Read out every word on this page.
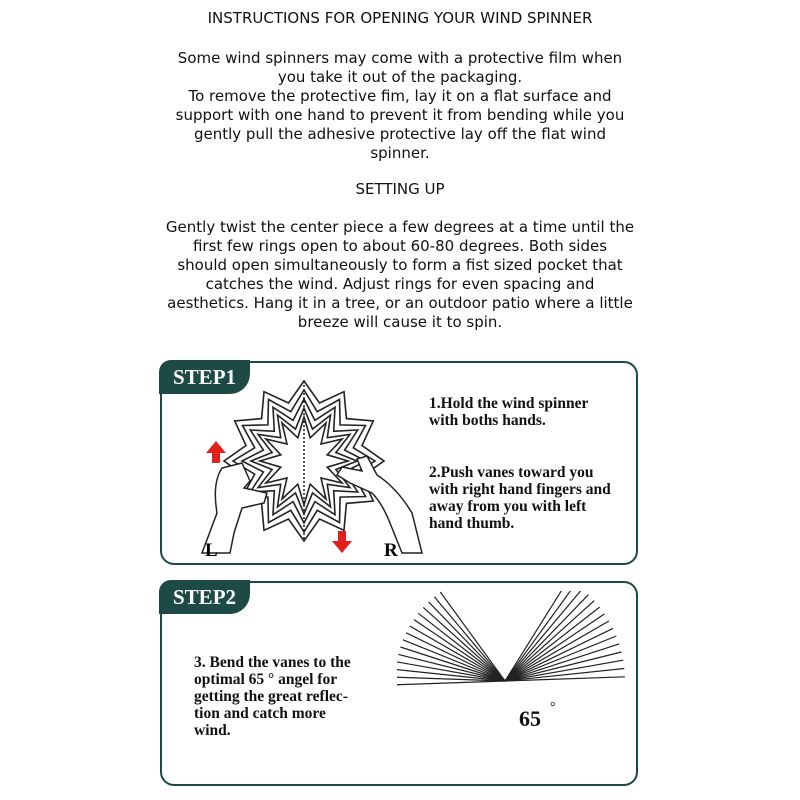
INSTRUCTIONS FOR OPENING YOUR WIND SPINNER

Some wind spinners may come with a protective film when

you take it out of the packaging.

To remove the protective fim, lay it on a flat surface and

support with one hand to prevent it from bending while you

gently pull the adhesive protective lay off the flat wind

spinner.

SETTING UP

Gently twist the center piece a few degrees at a time until the

first few rings open to about 60-80 degrees. Both sides

should open simultaneously to form a fist sized pocket that

catches the wind. Adjust rings for even spacing and

aesthetics. Hang it in a tree, or an outdoor patio where a little

breeze will cause it to spin.

STEP1
L	R

1.Hold the wind spinner

with boths hands.

2.Push vanes toward you

with right hand fingers and

away from you with left

hand thumb.

STEP2

3. Bend the vanes to the

optimal 65 ° angel for

getting the great reflec-

tion and catch more

wind.	65 °
